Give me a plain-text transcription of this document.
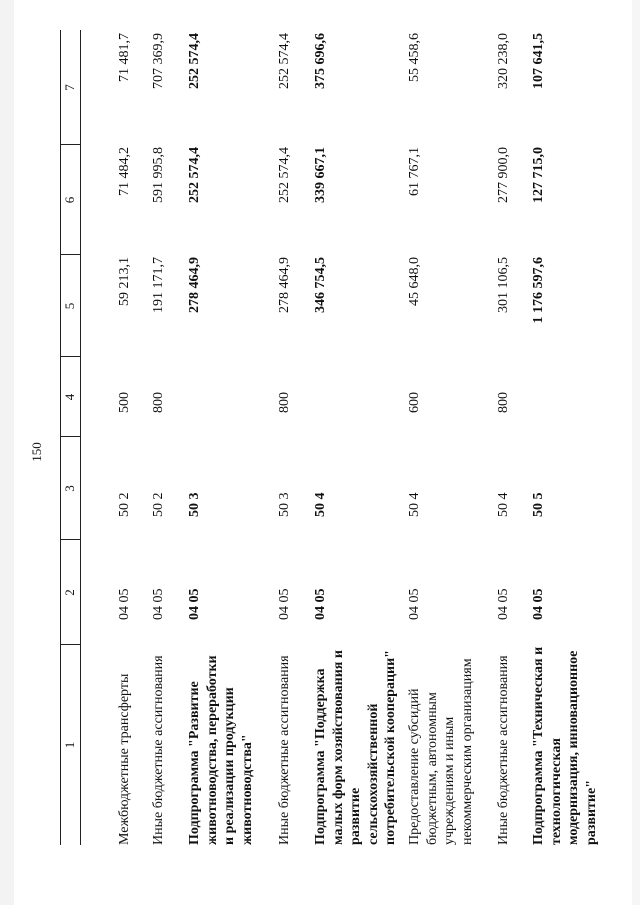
150
1
2
3
4
5
6
7
Межбюджетные трансферты
04 05
50 2
500
59 213,1
71 484,2
71 481,7
Иные бюджетные ассигнования
04 05
50 2
800
191 171,7
591 995,8
707 369,9
Подпрограмма "Развитие животноводства, переработки и реализации продукции животноводства"
04 05
50 3
278 464,9
252 574,4
252 574,4
Иные бюджетные ассигнования
04 05
50 3
800
278 464,9
252 574,4
252 574,4
Подпрограмма "Поддержка малых форм хозяйствования и развитие сельскохозяйственной потребительской кооперации"
04 05
50 4
346 754,5
339 667,1
375 696,6
Предоставление субсидий бюджетным, автономным учреждениям и иным некоммерческим организациям
04 05
50 4
600
45 648,0
61 767,1
55 458,6
Иные бюджетные ассигнования
04 05
50 4
800
301 106,5
277 900,0
320 238,0
Подпрограмма "Техническая и технологическая модернизация, инновационное развитие"
04 05
50 5
1 176 597,6
127 715,0
107 641,5
